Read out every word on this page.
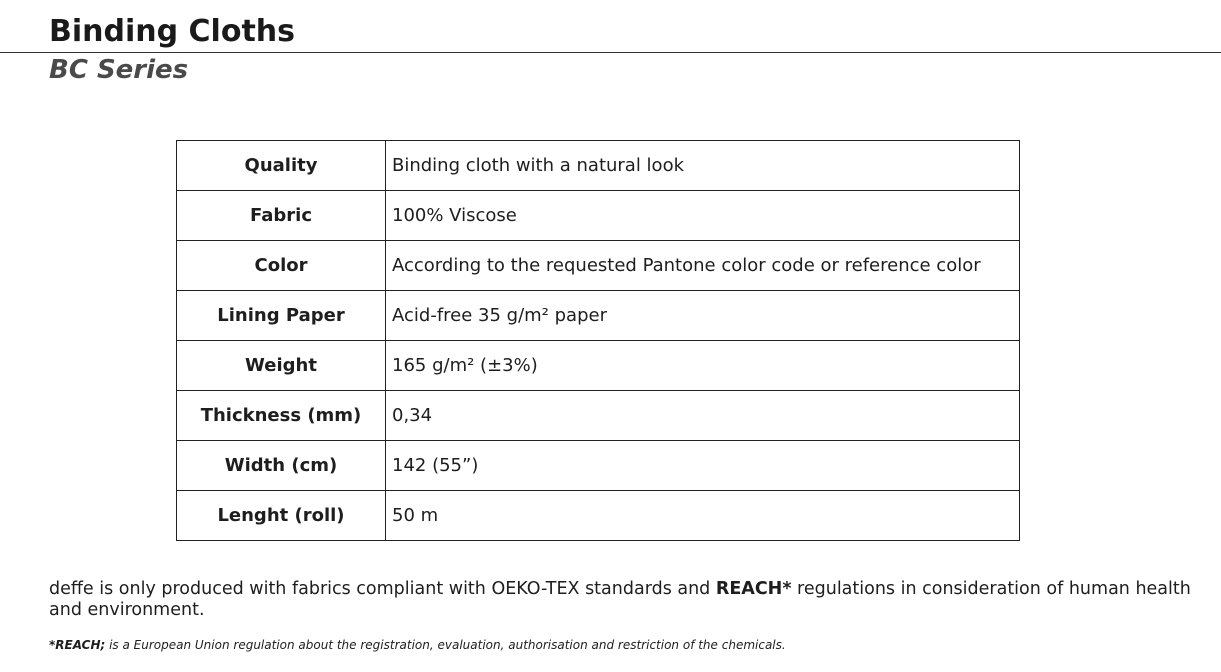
Binding Cloths
BC Series
Quality	Binding cloth with a natural look
Fabric	100% Viscose
Color	According to the requested Pantone color code or reference color
Lining Paper	Acid-free 35 g/m² paper
Weight	165 g/m² (±3%)
Thickness (mm)	0,34
Width (cm)	142 (55”)
Lenght (roll)	50 m

deffe is only produced with fabrics compliant with OEKO-TEX standards and REACH* regulations in consideration of human health and environment.

*REACH; is a European Union regulation about the registration, evaluation, authorisation and restriction of the chemicals.
